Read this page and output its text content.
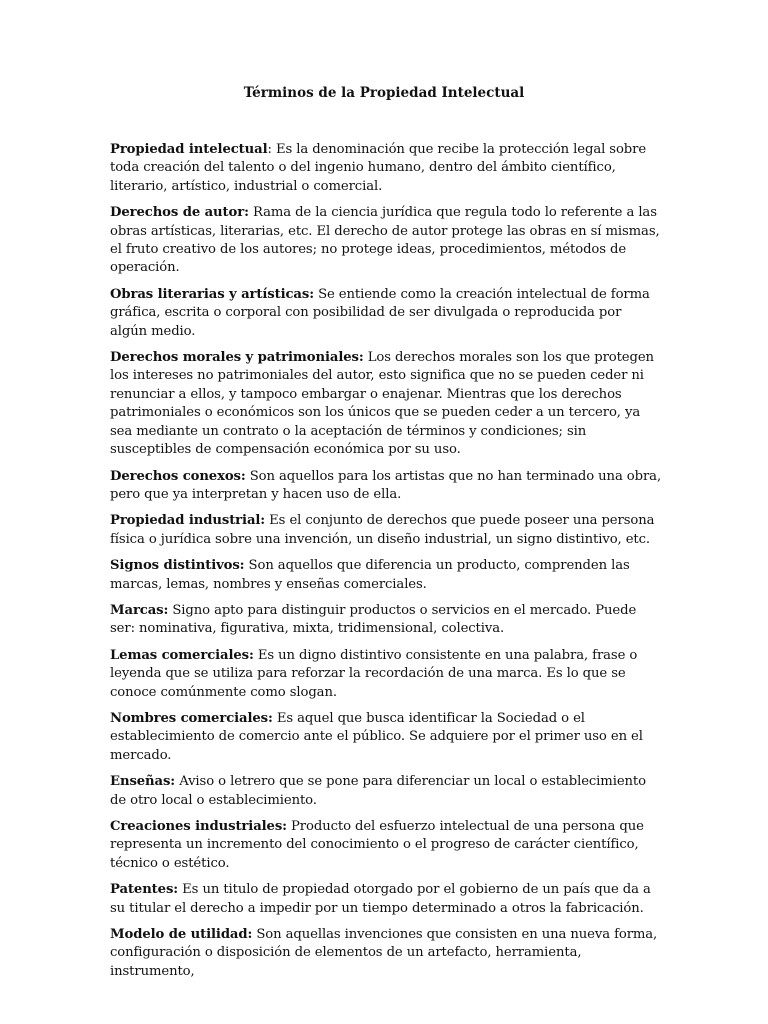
Términos de la Propiedad Intelectual

Propiedad intelectual: Es la denominación que recibe la protección legal sobre toda creación del talento o del ingenio humano, dentro del ámbito científico, literario, artístico, industrial o comercial.

Derechos de autor: Rama de la ciencia jurídica que regula todo lo referente a las obras artísticas, literarias, etc. El derecho de autor protege las obras en sí mismas, el fruto creativo de los autores; no protege ideas, procedimientos, métodos de operación.

Obras literarias y artísticas: Se entiende como la creación intelectual de forma gráfica, escrita o corporal con posibilidad de ser divulgada o reproducida por algún medio.

Derechos morales y patrimoniales: Los derechos morales son los que protegen los intereses no patrimoniales del autor, esto significa que no se pueden ceder ni renunciar a ellos, y tampoco embargar o enajenar. Mientras que los derechos patrimoniales o económicos son los únicos que se pueden ceder a un tercero, ya sea mediante un contrato o la aceptación de términos y condiciones; sin susceptibles de compensación económica por su uso.

Derechos conexos: Son aquellos para los artistas que no han terminado una obra, pero que ya interpretan y hacen uso de ella.

Propiedad industrial: Es el conjunto de derechos que puede poseer una persona física o jurídica sobre una invención, un diseño industrial, un signo distintivo, etc.

Signos distintivos: Son aquellos que diferencia un producto, comprenden las marcas, lemas, nombres y enseñas comerciales.

Marcas: Signo apto para distinguir productos o servicios en el mercado. Puede ser: nominativa, figurativa, mixta, tridimensional, colectiva.

Lemas comerciales: Es un digno distintivo consistente en una palabra, frase o leyenda que se utiliza para reforzar la recordación de una marca. Es lo que se conoce comúnmente como slogan.

Nombres comerciales: Es aquel que busca identificar la Sociedad o el establecimiento de comercio ante el público. Se adquiere por el primer uso en el mercado.

Enseñas: Aviso o letrero que se pone para diferenciar un local o establecimiento de otro local o establecimiento.

Creaciones industriales: Producto del esfuerzo intelectual de una persona que representa un incremento del conocimiento o el progreso de carácter científico, técnico o estético.

Patentes: Es un titulo de propiedad otorgado por el gobierno de un país que da a su titular el derecho a impedir por un tiempo determinado a otros la fabricación.

Modelo de utilidad: Son aquellas invenciones que consisten en una nueva forma, configuración o disposición de elementos de un artefacto, herramienta, instrumento,
